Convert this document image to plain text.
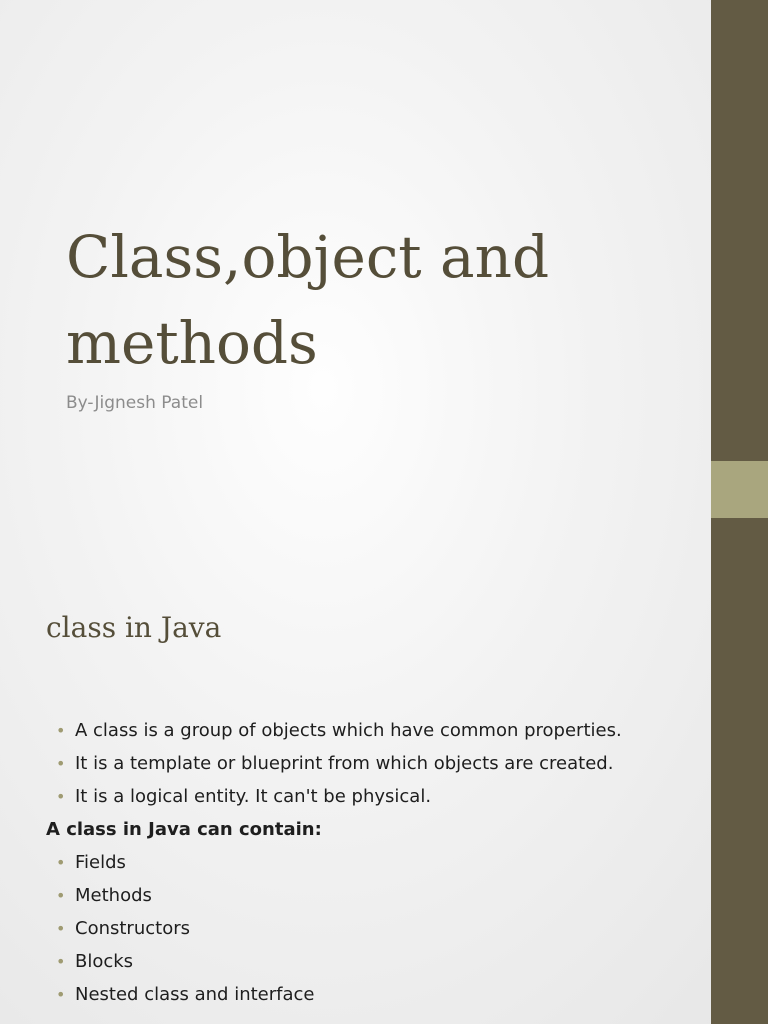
Class,object and methods

By-Jignesh Patel

class in Java
• A class is a group of objects which have common properties.
• It is a template or blueprint from which objects are created.
• It is a logical entity. It can't be physical.
A class in Java can contain:
• Fields
• Methods
• Constructors
• Blocks
• Nested class and interface
